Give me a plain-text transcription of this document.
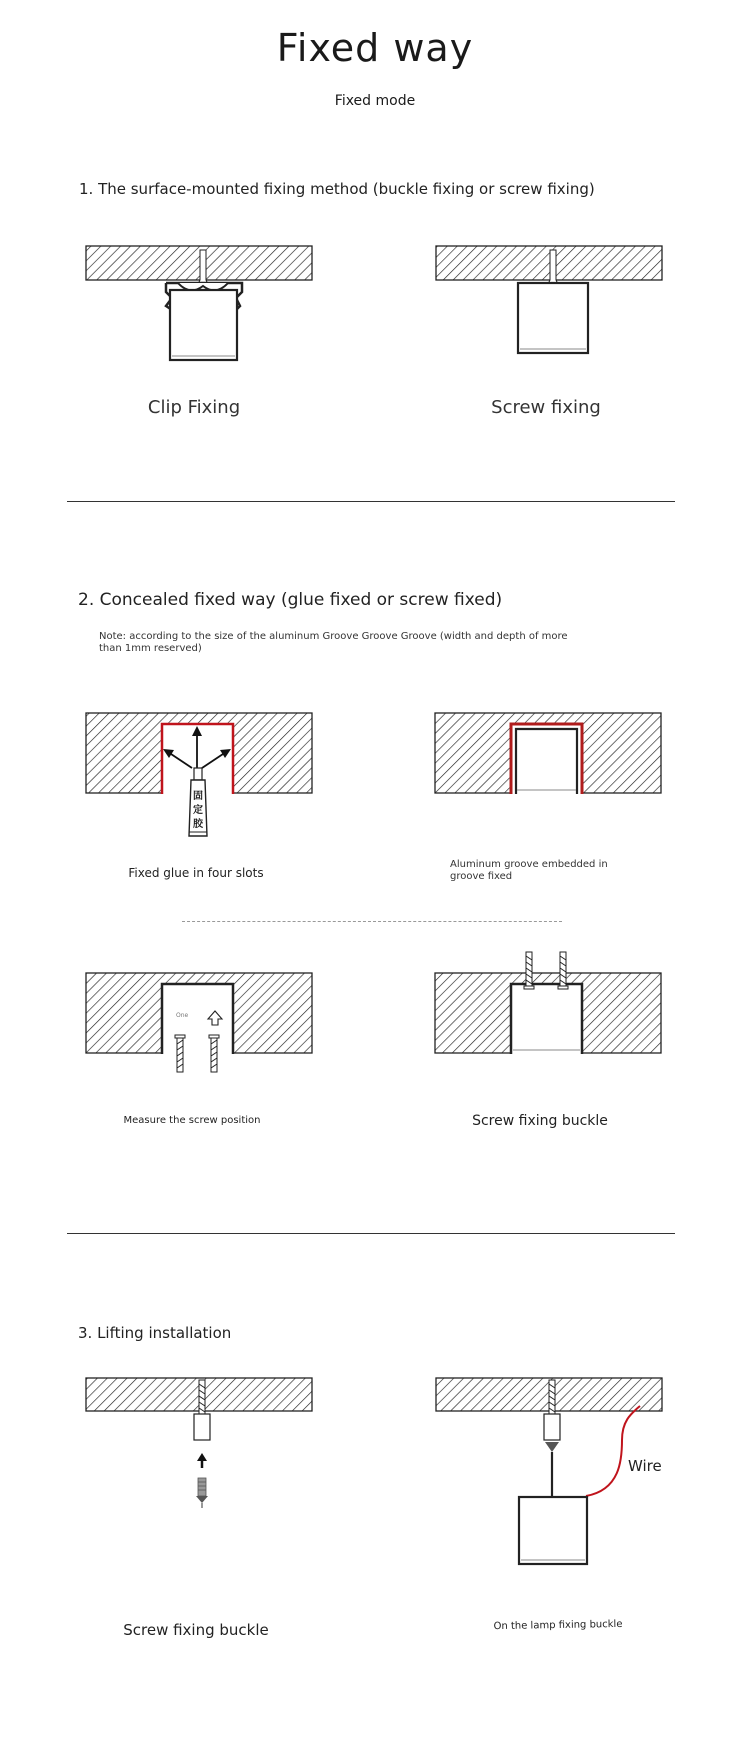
Fixed way
Fixed mode
1. The surface-mounted fixing method (buckle fixing or screw fixing)
Clip Fixing	Screw fixing
2. Concealed fixed way (glue fixed or screw fixed)
Note: according to the size of the aluminum Groove Groove Groove (width and depth of more than 1mm reserved)
固
定
胶
Fixed glue in four slots
Aluminum groove embedded in groove fixed
One
Measure the screw position	Screw fixing buckle
3. Lifting installation
Wire
Screw fixing buckle	On the lamp fixing buckle
